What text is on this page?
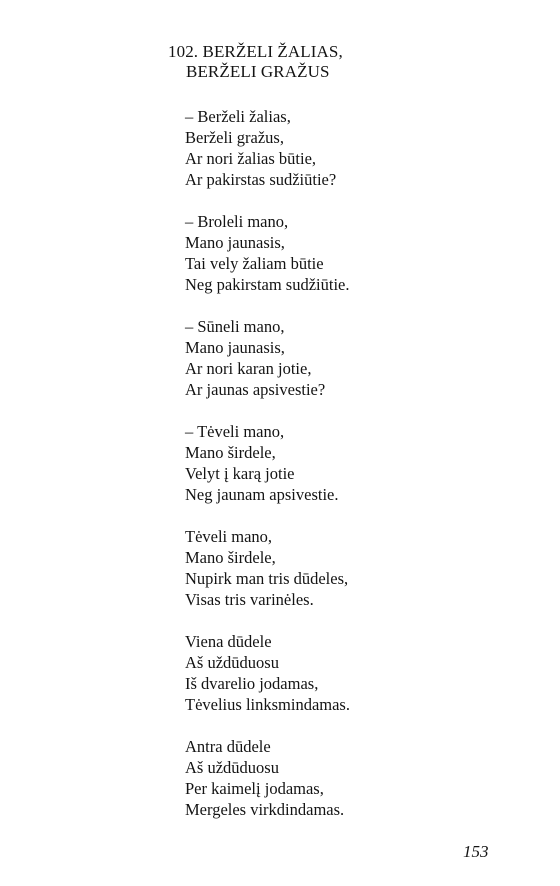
102. BERŽELI ŽALIAS,
BERŽELI GRAŽUS
– Berželi žalias,
Berželi gražus,
Ar nori žalias būtie,
Ar pakirstas sudžiūtie?
– Broleli mano,
Mano jaunasis,
Tai vely žaliam būtie
Neg pakirstam sudžiūtie.
– Sūneli mano,
Mano jaunasis,
Ar nori karan jotie,
Ar jaunas apsivestie?
– Tėveli mano,
Mano širdele,
Velyt į karą jotie
Neg jaunam apsivestie.
Tėveli mano,
Mano širdele,
Nupirk man tris dūdeles,
Visas tris varinėles.
Viena dūdele
Aš uždūduosu
Iš dvarelio jodamas,
Tėvelius linksmindamas.
Antra dūdele
Aš uždūduosu
Per kaimelį jodamas,
Mergeles virkdindamas.
153
